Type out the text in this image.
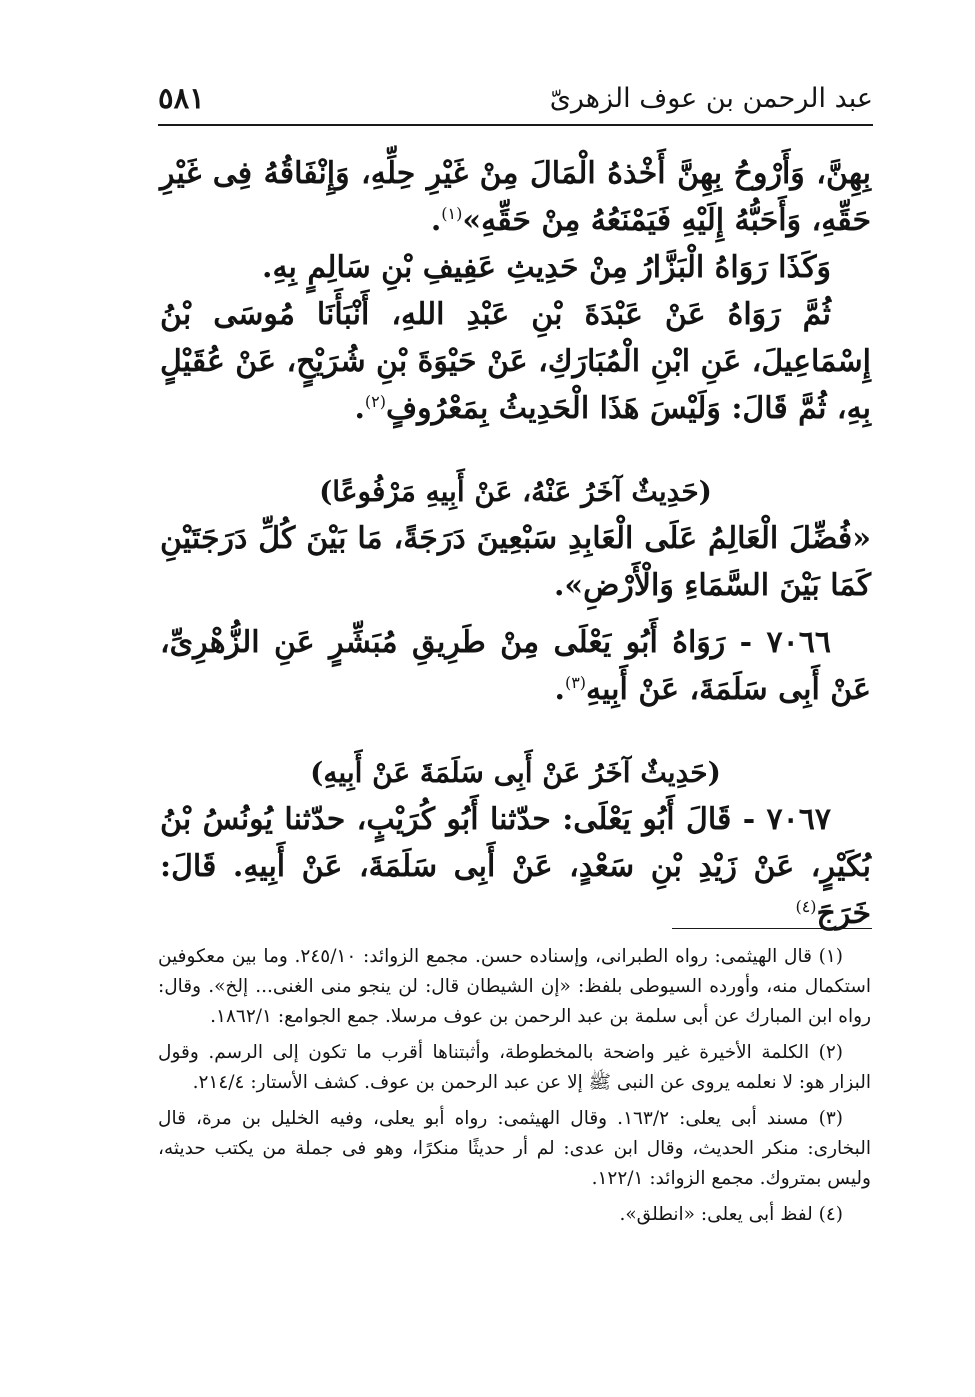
عبد الرحمن بن عوف الزهرىّ
٥٨١

بِهِنَّ، وَأَرْوحُ بِهِنَّ أَخْذهُ الْمَالَ مِنْ غَيْرِ حِلِّهِ، وَإِنْفَاقُهُ فِى غَيْرِ حَقِّهِ، وَأَحَبُّهُ إِلَيْهِ فَيَمْنَعُهُ مِنْ حَقِّهِ»$^{(١)}$.

وَكَذَا رَوَاهُ الْبَزَّارُ مِنْ حَدِيثِ عَفِيفِ بْنِ سَالِمٍ بِهِ.

ثُمَّ رَوَاهُ عَنْ عَبْدَةَ بْنِ عَبْدِ اللهِ، أَنْبَأَنَا مُوسَى بْنُ إِسْمَاعِيلَ، عَنِ ابْنِ الْمُبَارَكِ، عَنْ حَيْوَةَ بْنِ شُرَيْحٍ، عَنْ عُقَيْلٍ بِهِ، ثُمَّ قَالَ: وَلَيْسَ هَذَا الْحَدِيثُ بِمَعْرُوفٍ$^{(٢)}$.

(حَدِيثٌ آخَرُ عَنْهُ، عَنْ أَبِيهِ مَرْفُوعًا)

«فُضِّلَ الْعَالِمُ عَلَى الْعَابِدِ سَبْعِينَ دَرَجَةً، مَا بَيْنَ كُلِّ دَرَجَتَيْنِ كَمَا بَيْنَ السَّمَاءِ وَالْأَرْضِ».

٧٠٦٦ - رَوَاهُ أَبُو يَعْلَى مِنْ طَرِيقِ مُبَشِّرٍ عَنِ الزُّهْرِىِّ، عَنْ أَبِى سَلَمَةَ، عَنْ أَبِيهِ$^{(٣)}$.

(حَدِيثٌ آخَرُ عَنْ أَبِى سَلَمَةَ عَنْ أَبِيهِ)

٧٠٦٧ - قَالَ أَبُو يَعْلَى: حدّثنا أَبُو كُرَيْبٍ، حدّثنا يُونُسُ بْنُ بُكَيْرٍ، عَنْ زَيْدِ بْنِ سَعْدٍ، عَنْ أَبِى سَلَمَةَ، عَنْ أَبِيهِ. قَالَ: خَرَجَ$^{(٤)}$

(١) قال الهيثمى: رواه الطبرانى، وإسناده حسن. مجمع الزوائد: ٢٤٥/١٠. وما بين معكوفين استكمال منه، وأورده السيوطى بلفظ: «إن الشيطان قال: لن ينجو منى الغنى... إلخ». وقال: رواه ابن المبارك عن أبى سلمة بن عبد الرحمن بن عوف مرسلا. جمع الجوامع: ١٨٦٢/١.

(٢) الكلمة الأخيرة غير واضحة بالمخطوطة، وأثبتناها أقرب ما تكون إلى الرسم. وقول البزار هو: لا نعلمه يروى عن النبى ﷺ إلا عن عبد الرحمن بن عوف. كشف الأستار: ٢١٤/٤.

(٣) مسند أبى يعلى: ١٦٣/٢. وقال الهيثمى: رواه أبو يعلى، وفيه الخليل بن مرة، قال البخارى: منكر الحديث، وقال ابن عدى: لم أر حديثًا منكرًا، وهو فى جملة من يكتب حديثه، وليس بمتروك. مجمع الزوائد: ١٢٢/١.

(٤) لفظ أبى يعلى: «انطلق».
